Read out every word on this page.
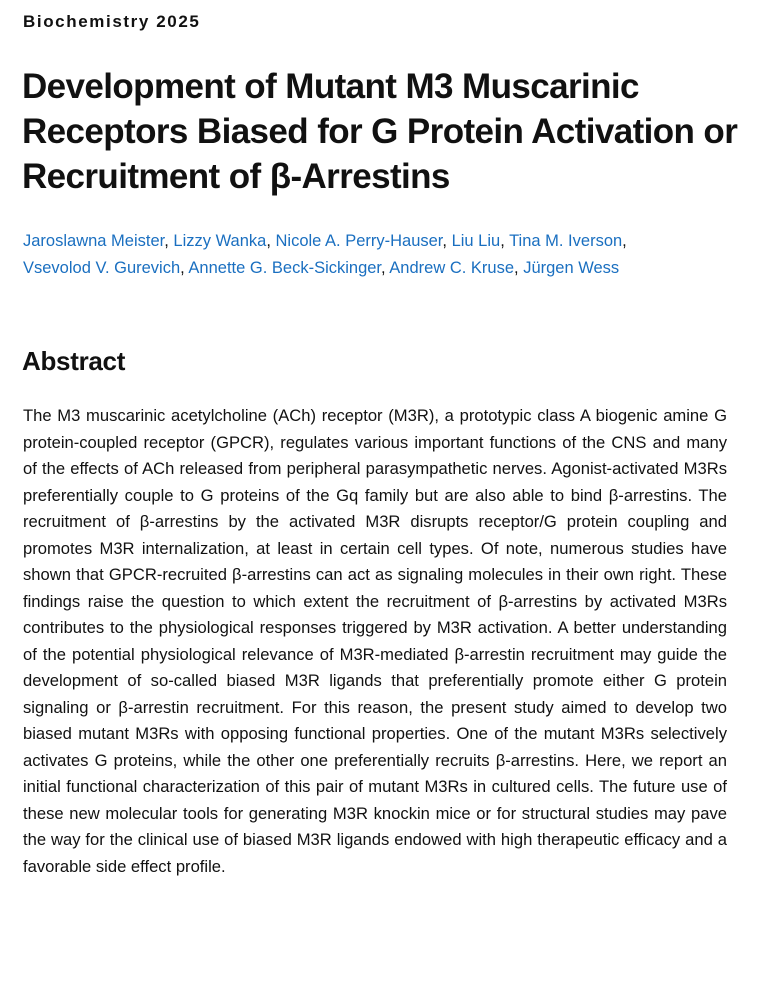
Biochemistry 2025
Development of Mutant M3 Muscarinic Receptors Biased for G Protein Activation or Recruitment of β-Arrestins
Jaroslawna Meister, Lizzy Wanka, Nicole A. Perry-Hauser, Liu Liu, Tina M. Iverson,
Vsevolod V. Gurevich, Annette G. Beck-Sickinger, Andrew C. Kruse, Jürgen Wess
Abstract

The M3 muscarinic acetylcholine (ACh) receptor (M3R), a prototypic class A biogenic amine G protein-coupled receptor (GPCR), regulates various important functions of the CNS and many of the effects of ACh released from peripheral parasympathetic nerves. Agonist-activated M3Rs preferentially couple to G proteins of the Gq family but are also able to bind β-arrestins. The recruitment of β-arrestins by the activated M3R disrupts receptor/G protein coupling and promotes M3R internalization, at least in certain cell types. Of note, numerous studies have shown that GPCR-recruited β-arrestins can act as signaling molecules in their own right. These findings raise the question to which extent the recruitment of β-arrestins by activated M3Rs contributes to the physiological responses triggered by M3R activation. A better understanding of the potential physiological relevance of M3R-mediated β-arrestin recruitment may guide the development of so-called biased M3R ligands that preferentially promote either G protein signaling or β-arrestin recruitment. For this reason, the present study aimed to develop two biased mutant M3Rs with opposing functional properties. One of the mutant M3Rs selectively activates G proteins, while the other one preferentially recruits β-arrestins. Here, we report an initial functional characterization of this pair of mutant M3Rs in cultured cells. The future use of these new molecular tools for generating M3R knockin mice or for structural studies may pave the way for the clinical use of biased M3R ligands endowed with high therapeutic efficacy and a favorable side effect profile.
